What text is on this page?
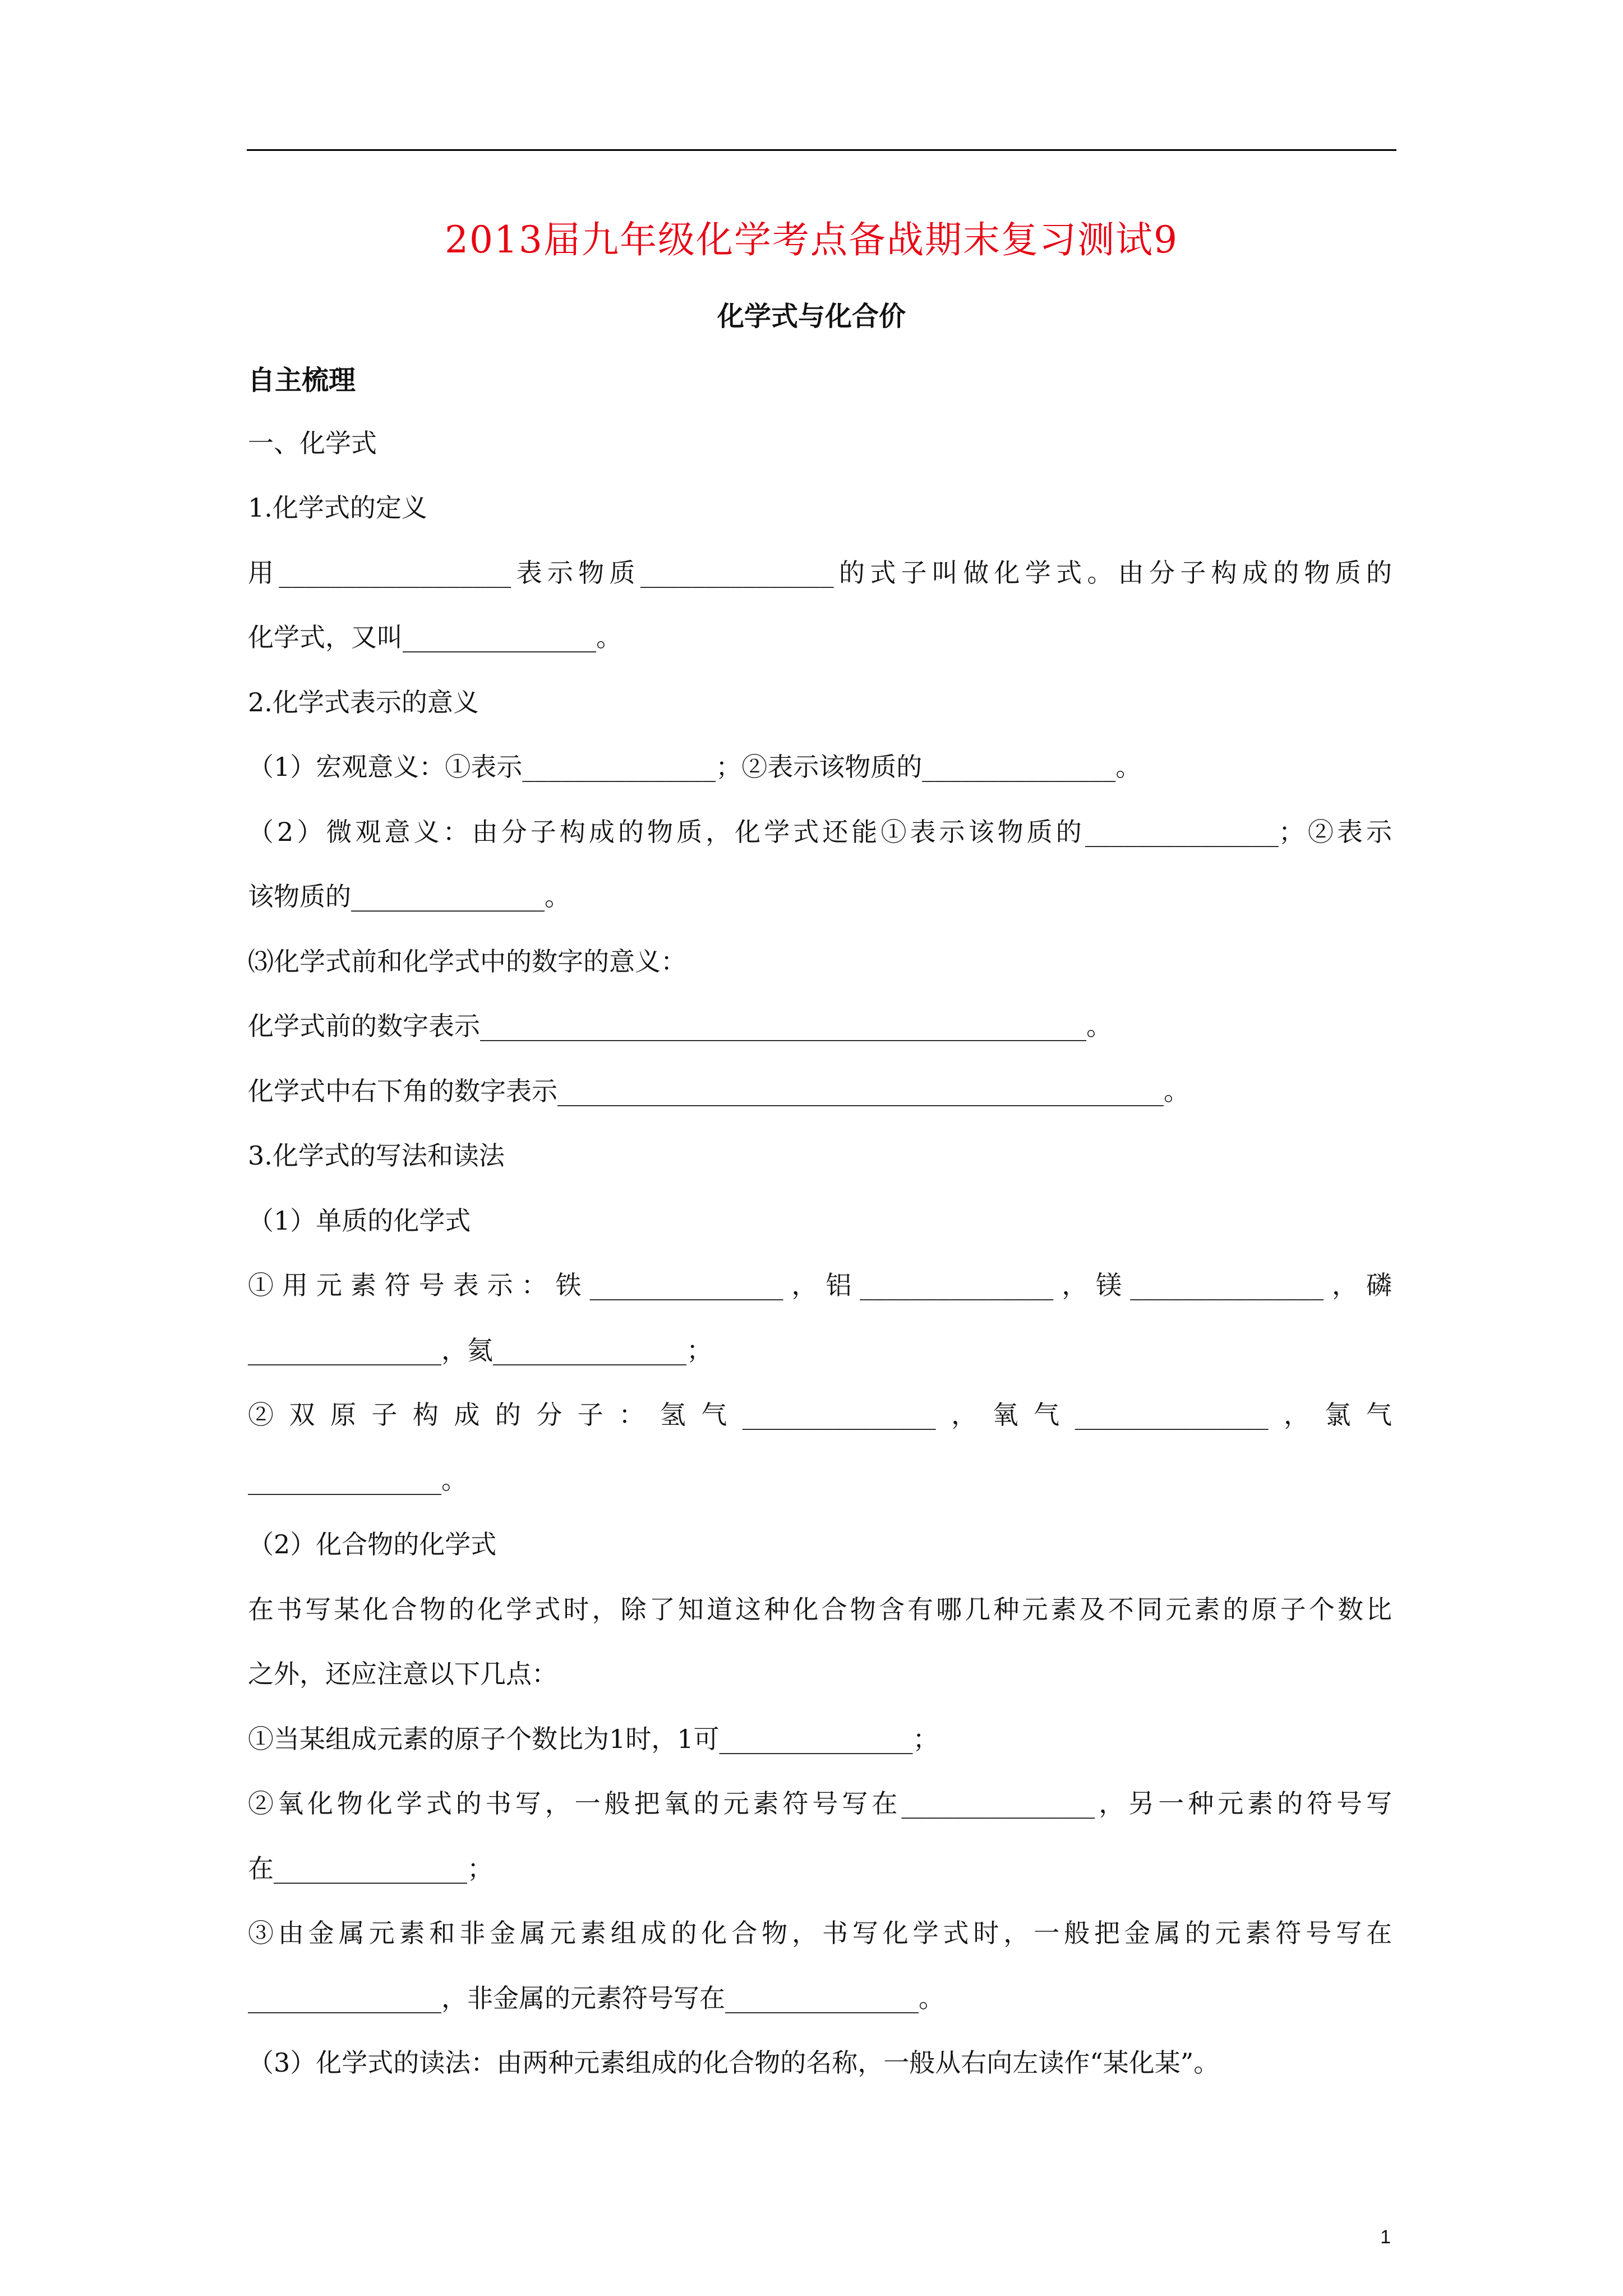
2013届九年级化学考点备战期末复习测试9
化学式与化合价
自主梳理
一、化学式
1.化学式的定义
用__________________表示物质_______________的式子叫做化学式。由分子构成的物质的
化学式，又叫_______________。
2.化学式表示的意义
（1）宏观意义：①表示_______________；②表示该物质的_______________。
（2）微观意义：由分子构成的物质，化学式还能①表示该物质的_______________；②表示
该物质的_______________。
⑶化学式前和化学式中的数字的意义：
化学式前的数字表示_______________________________________________。
化学式中右下角的数字表示_______________________________________________。
3.化学式的写法和读法
（1）单质的化学式
①用元素符号表示：铁_______________，铝_______________，镁_______________，磷
_______________，氦_______________；
②双原子构成的分子：氢气_______________，氧气_______________，氯气
_______________。
（2）化合物的化学式
在书写某化合物的化学式时，除了知道这种化合物含有哪几种元素及不同元素的原子个数比
之外，还应注意以下几点：
①当某组成元素的原子个数比为1时，1可_______________；
②氧化物化学式的书写，一般把氧的元素符号写在_______________，另一种元素的符号写
在_______________；
③由金属元素和非金属元素组成的化合物，书写化学式时，一般把金属的元素符号写在
_______________，非金属的元素符号写在_______________。
（3）化学式的读法：由两种元素组成的化合物的名称，一般从右向左读作“某化某”。
1
